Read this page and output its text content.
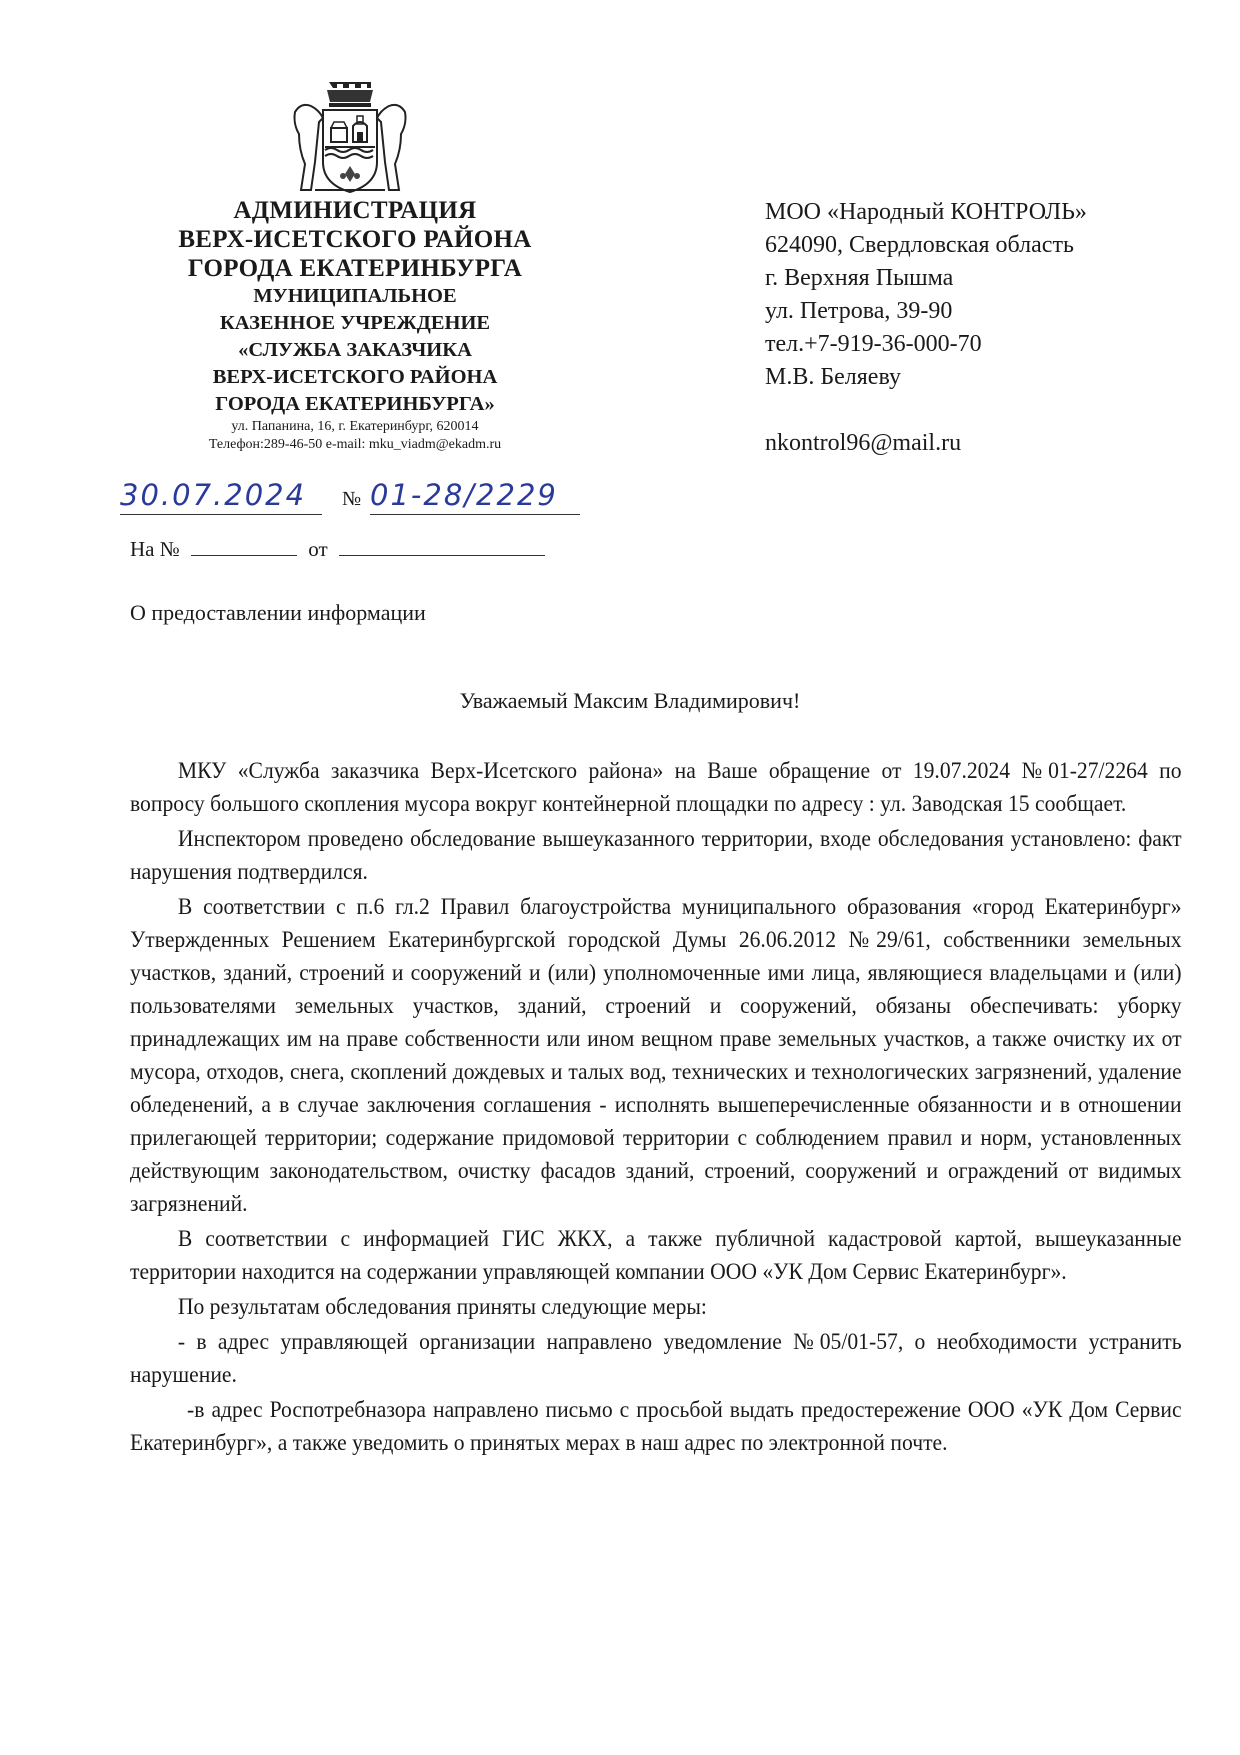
АДМИНИСТРАЦИЯ
ВЕРХ-ИСЕТСКОГО РАЙОНА
ГОРОДА ЕКАТЕРИНБУРГА
МУНИЦИПАЛЬНОЕ
КАЗЕННОЕ УЧРЕЖДЕНИЕ
«СЛУЖБА ЗАКАЗЧИКА
ВЕРХ-ИСЕТСКОГО РАЙОНА
ГОРОДА ЕКАТЕРИНБУРГА»
ул. Папанина, 16, г. Екатеринбург, 620014
Телефон:289-46-50 e-mail: mku_viadm@ekadm.ru
30.07.2024	№ 01-28/2229
На №	от
О предоставлении информации
МОО «Народный КОНТРОЛЬ»
624090, Свердловская область
г. Верхняя Пышма
ул. Петрова, 39-90
тел.+7-919-36-000-70
М.В. Беляеву
nkontrol96@mail.ru
Уважаемый Максим Владимирович!

МКУ «Служба заказчика Верх-Исетского района» на Ваше обращение от 19.07.2024 №01-27/2264 по вопросу большого скопления мусора вокруг контейнерной площадки по адресу : ул. Заводская 15 сообщает.

Инспектором проведено обследование вышеуказанного территории, входе обследования установлено: факт нарушения подтвердился.

В соответствии с п.6 гл.2 Правил благоустройства муниципального образования «город Екатеринбург» Утвержденных Решением Екатеринбургской городской Думы 26.06.2012 №29/61, собственники земельных участков, зданий, строений и сооружений и (или) уполномоченные ими лица, являющиеся владельцами и (или) пользователями земельных участков, зданий, строений и сооружений, обязаны обеспечивать: уборку принадлежащих им на праве собственности или ином вещном праве земельных участков, а также очистку их от мусора, отходов, снега, скоплений дождевых и талых вод, технических и технологических загрязнений, удаление обледенений, а в случае заключения соглашения - исполнять вышеперечисленные обязанности и в отношении прилегающей территории; содержание придомовой территории с соблюдением правил и норм, установленных действующим законодательством, очистку фасадов зданий, строений, сооружений и ограждений от видимых загрязнений.

В соответствии с информацией ГИС ЖКХ, а также публичной кадастровой картой, вышеуказанные территории находится на содержании управляющей компании ООО «УК Дом Сервис Екатеринбург».

По результатам обследования приняты следующие меры:

- в адрес управляющей организации направлено уведомление №05/01-57, о необходимости устранить нарушение.

-в адрес Роспотребназора направлено письмо с просьбой выдать предостережение ООО «УК Дом Сервис Екатеринбург», а также уведомить о принятых мерах в наш адрес по электронной почте.
